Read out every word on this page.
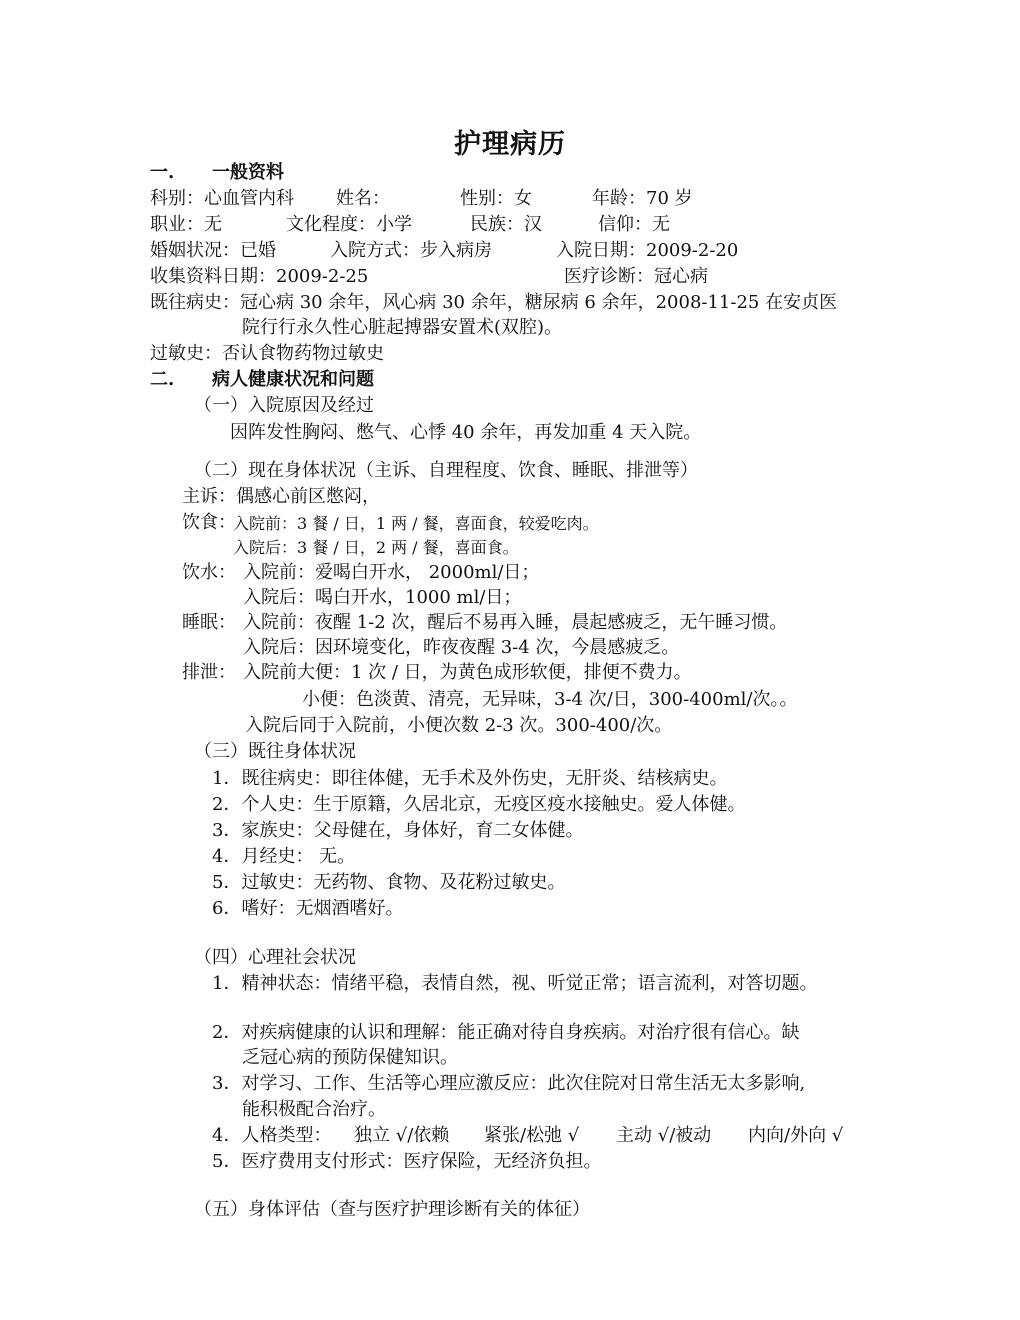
护理病历
一. 一般资料
科别：心血管内科 姓名：	性别：女	年龄：70 岁
职业：无	文化程度：小学	民族：汉	信仰：无
婚姻状况：已婚	入院方式：步入病房	入院日期：2009-2-20
收集资料日期：2009-2-25	医疗诊断：冠心病
既往病史：冠心病 30 余年，风心病 30 余年，糖尿病 6 余年，2008-11-25 在安贞医
院行行永久性心脏起搏器安置术(双腔)。
过敏史：否认食物药物过敏史
二. 病人健康状况和问题
（一）入院原因及经过
因阵发性胸闷、憋气、心悸 40 余年，再发加重 4 天入院。
（二）现在身体状况（主诉、自理程度、饮食、睡眠、排泄等）
主诉：偶感心前区憋闷，
饮食：
入院前：3 餐 / 日，1 两 / 餐，喜面食，较爱吃肉。
入院后：3 餐 / 日，2 两 / 餐，喜面食。
饮水： 入院前：爱喝白开水， 2000ml/日；
入院后：喝白开水，1000 ml/日；
睡眠： 入院前：夜醒 1-2 次，醒后不易再入睡，晨起感疲乏，无午睡习惯。
入院后：因环境变化，昨夜夜醒 3-4 次，今晨感疲乏。
排泄： 入院前大便：1 次 / 日，为黄色成形软便，排便不费力。
小便：色淡黄、清亮，无异味，3-4 次/日，300-400ml/次。。
入院后同于入院前，小便次数 2-3 次。300-400/次。
（三）既往身体状况
1．既往病史：即往体健，无手术及外伤史，无肝炎、结核病史。
2．个人史：生于原籍，久居北京，无疫区疫水接触史。爱人体健。
3．家族史：父母健在，身体好，育二女体健。
4．月经史： 无。
5．过敏史：无药物、食物、及花粉过敏史。
6．嗜好：无烟酒嗜好。
（四）心理社会状况
1．精神状态：情绪平稳，表情自然，视、听觉正常；语言流利，对答切题。
2．对疾病健康的认识和理解：能正确对待自身疾病。对治疗很有信心。缺
乏冠心病的预防保健知识。
3．对学习、工作、生活等心理应激反应：此次住院对日常生活无太多影响,
能积极配合治疗。
4．人格类型： 独立 √/依赖 紧张/松弛 √ 主动 √/被动 内向/外向 √
5．医疗费用支付形式：医疗保险，无经济负担。
（五）身体评估（查与医疗护理诊断有关的体征）
